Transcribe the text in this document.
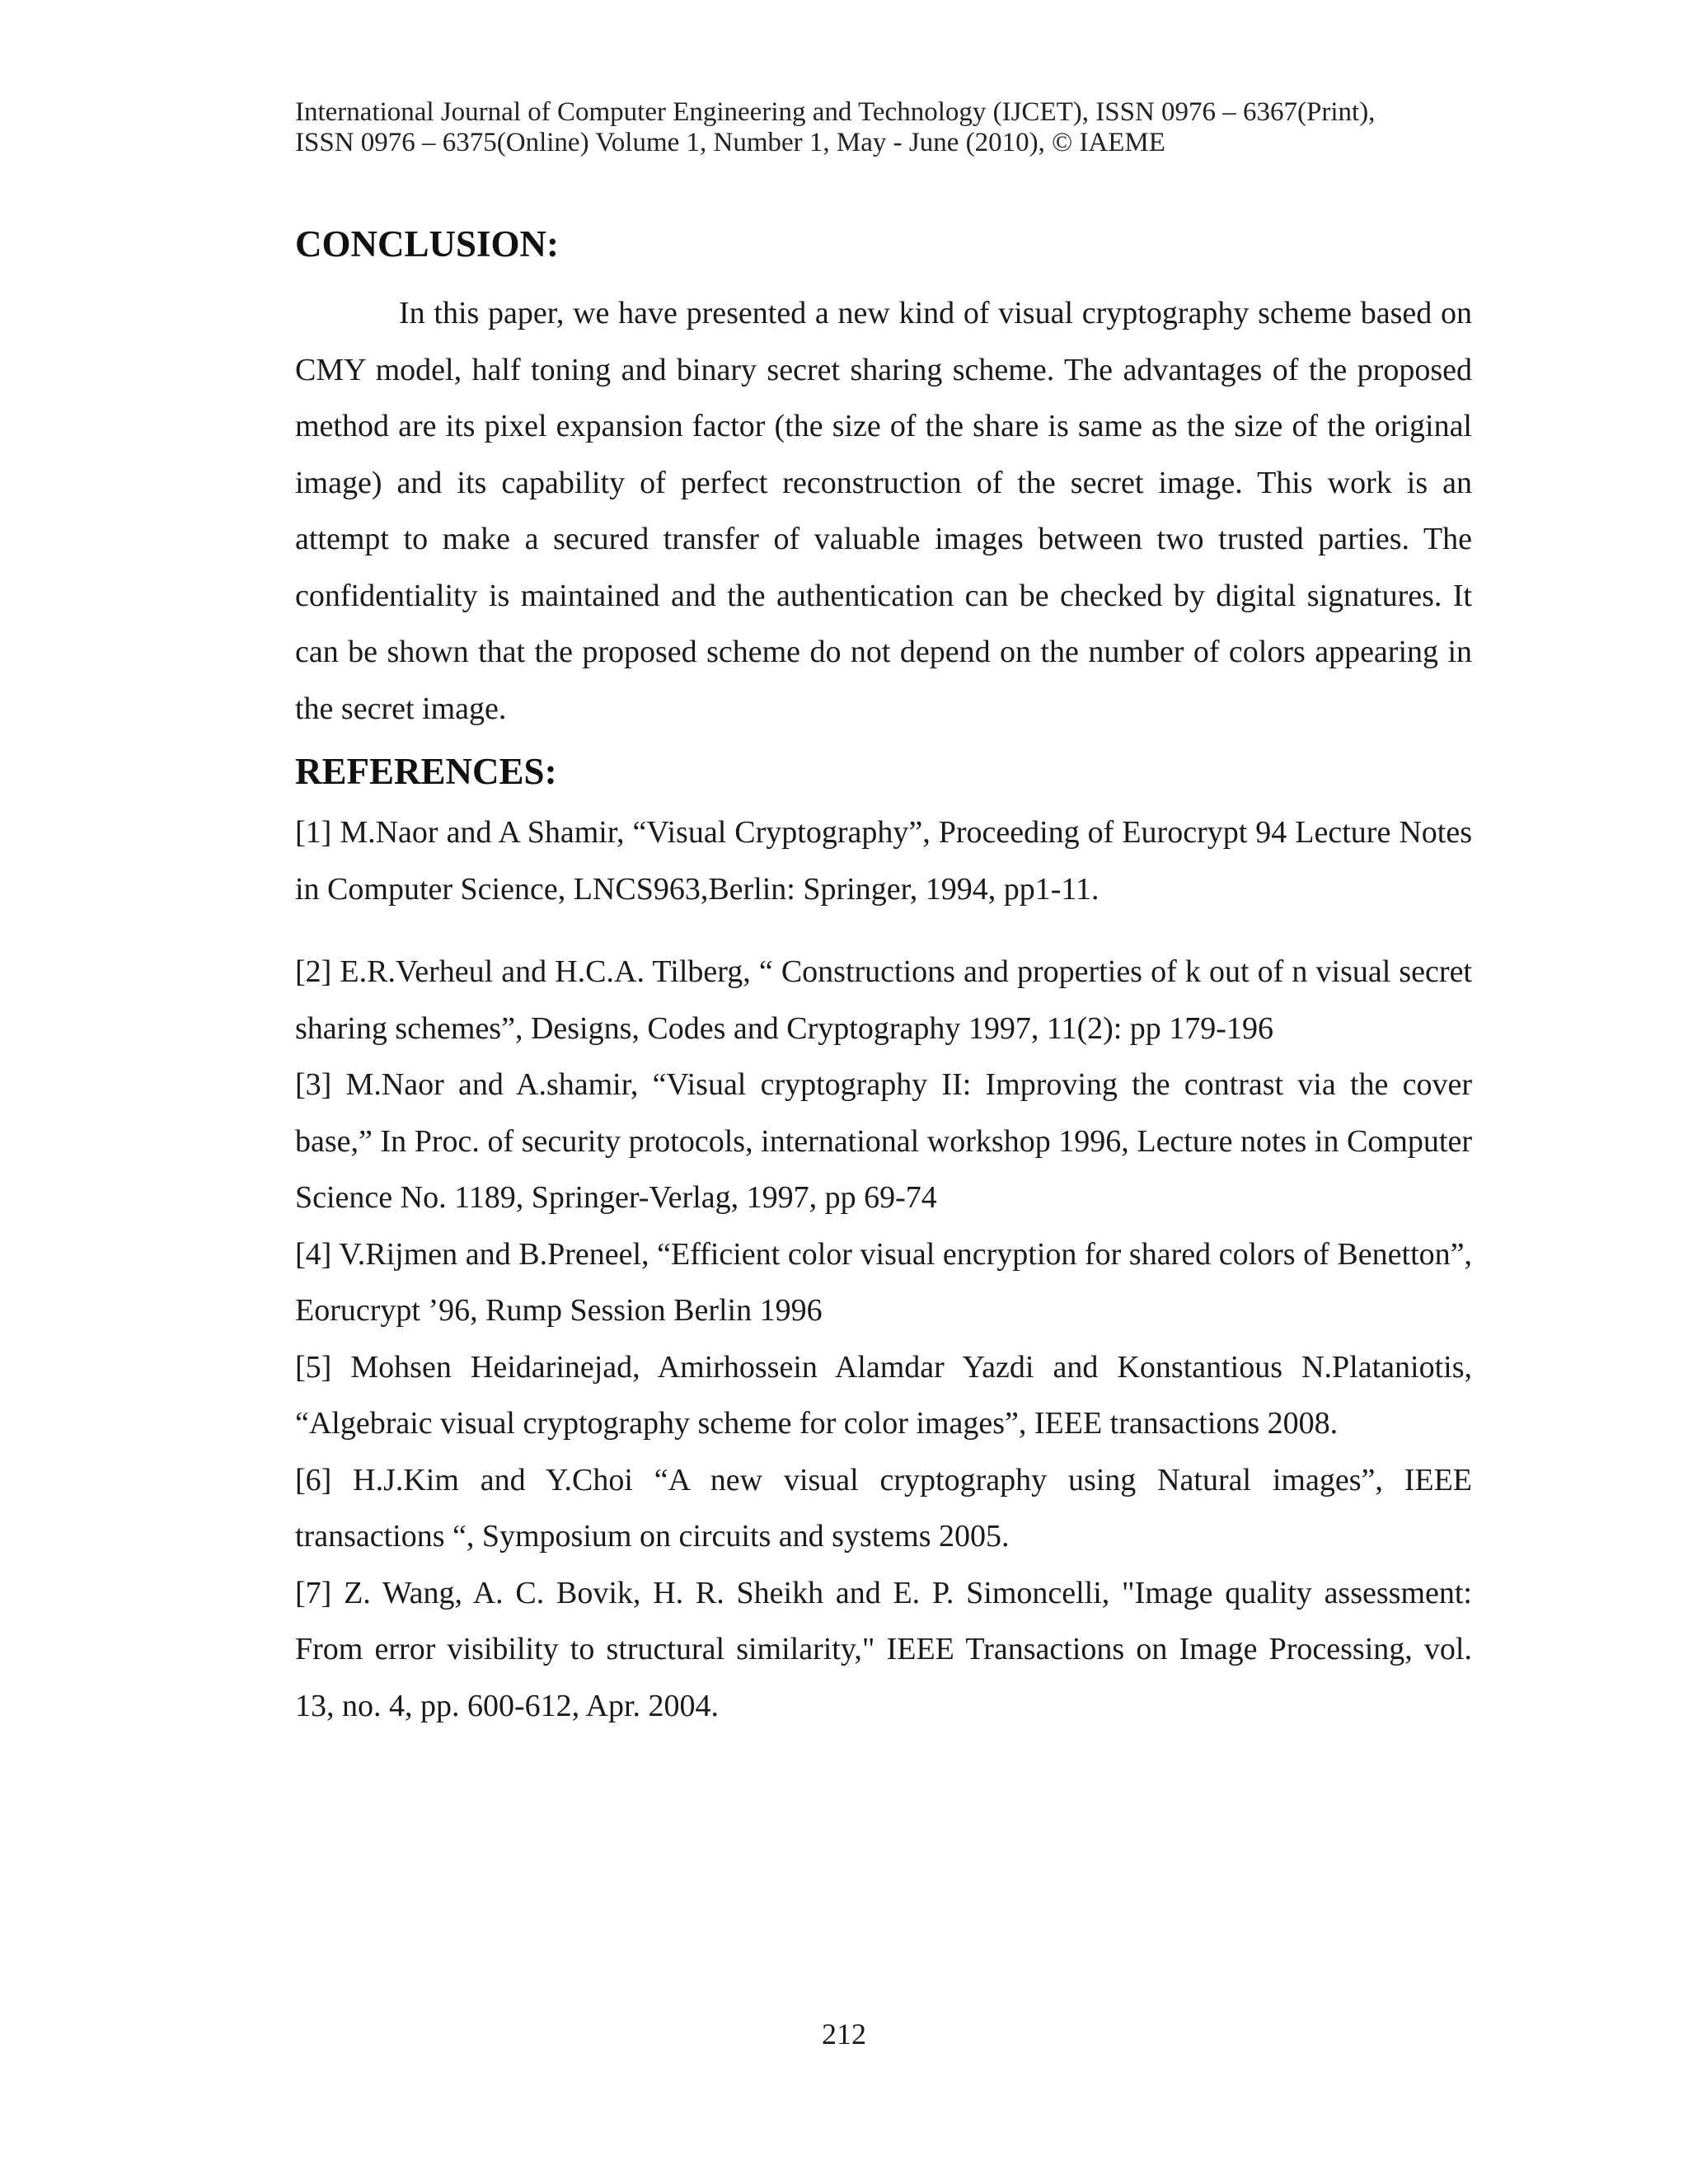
International Journal of Computer Engineering and Technology (IJCET), ISSN 0976 – 6367(Print),
ISSN 0976 – 6375(Online) Volume 1, Number 1, May - June (2010), © IAEME
CONCLUSION:

In this paper, we have presented a new kind of visual cryptography scheme based on CMY model, half toning and binary secret sharing scheme. The advantages of the proposed method are its pixel expansion factor (the size of the share is same as the size of the original image) and its capability of perfect reconstruction of the secret image. This work is an attempt to make a secured transfer of valuable images between two trusted parties. The confidentiality is maintained and the authentication can be checked by digital signatures. It can be shown that the proposed scheme do not depend on the number of colors appearing in the secret image.

REFERENCES:

[1] M.Naor and A Shamir, “Visual Cryptography”, Proceeding of Eurocrypt 94 Lecture Notes in Computer Science, LNCS963,Berlin: Springer, 1994, pp1-11.

[2] E.R.Verheul and H.C.A. Tilberg, “ Constructions and properties of k out of n visual secret sharing schemes”, Designs, Codes and Cryptography 1997, 11(2): pp 179-196

[3] M.Naor and A.shamir, “Visual cryptography II: Improving the contrast via the cover base,” In Proc. of security protocols, international workshop 1996, Lecture notes in Computer Science No. 1189, Springer-Verlag, 1997, pp 69-74

[4] V.Rijmen and B.Preneel, “Efficient color visual encryption for shared colors of Benetton”, Eorucrypt ’96, Rump Session Berlin 1996

[5] Mohsen Heidarinejad, Amirhossein Alamdar Yazdi and Konstantious N.Plataniotis, “Algebraic visual cryptography scheme for color images”, IEEE transactions 2008.

[6] H.J.Kim and Y.Choi “A new visual cryptography using Natural images”, IEEE transactions “, Symposium on circuits and systems 2005.

[7] Z. Wang, A. C. Bovik, H. R. Sheikh and E. P. Simoncelli, "Image quality assessment: From error visibility to structural similarity," IEEE Transactions on Image Processing, vol. 13, no. 4, pp. 600-612, Apr. 2004.

212
